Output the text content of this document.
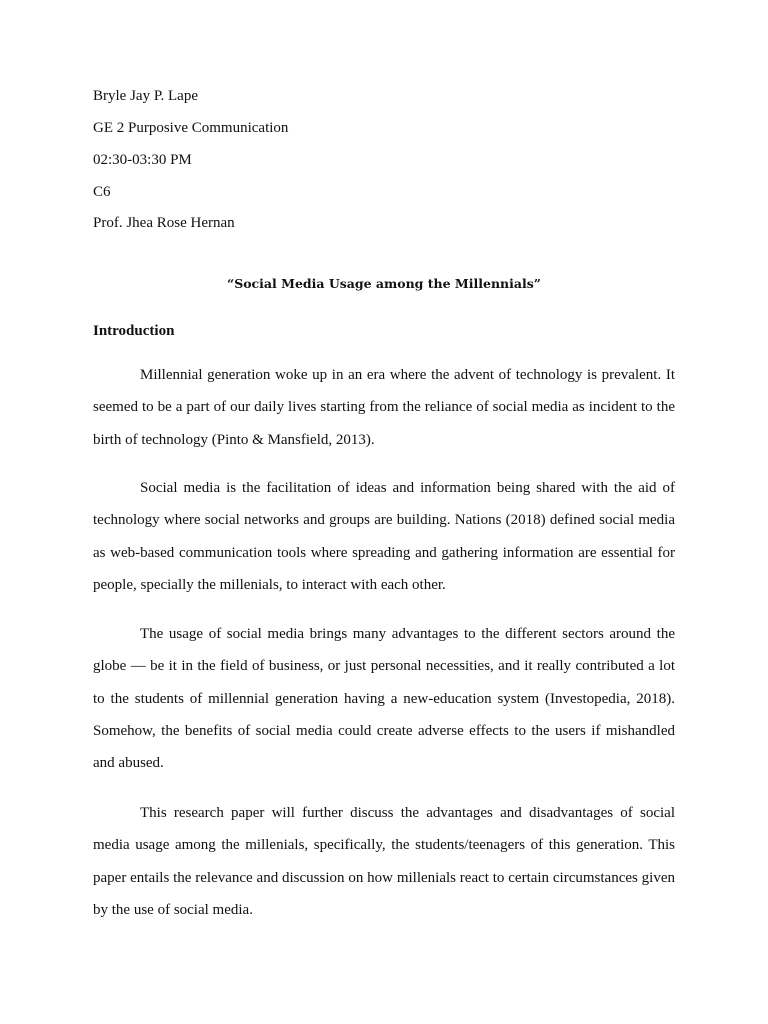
Bryle Jay P. Lape
GE 2 Purposive Communication
02:30-03:30 PM
C6
Prof. Jhea Rose Hernan
“Social Media Usage among the Millennials”
Introduction

Millennial generation woke up in an era where the advent of technology is prevalent. It seemed to be a part of our daily lives starting from the reliance of social media as incident to the birth of technology (Pinto & Mansfield, 2013).

Social media is the facilitation of ideas and information being shared with the aid of technology where social networks and groups are building. Nations (2018) defined social media as web-based communication tools where spreading and gathering information are essential for people, specially the millenials, to interact with each other.

The usage of social media brings many advantages to the different sectors around the globe — be it in the field of business, or just personal necessities, and it really contributed a lot to the students of millennial generation having a new-education system (Investopedia, 2018). Somehow, the benefits of social media could create adverse effects to the users if mishandled and abused.

This research paper will further discuss the advantages and disadvantages of social media usage among the millenials, specifically, the students/teenagers of this generation. This paper entails the relevance and discussion on how millenials react to certain circumstances given by the use of social media.
